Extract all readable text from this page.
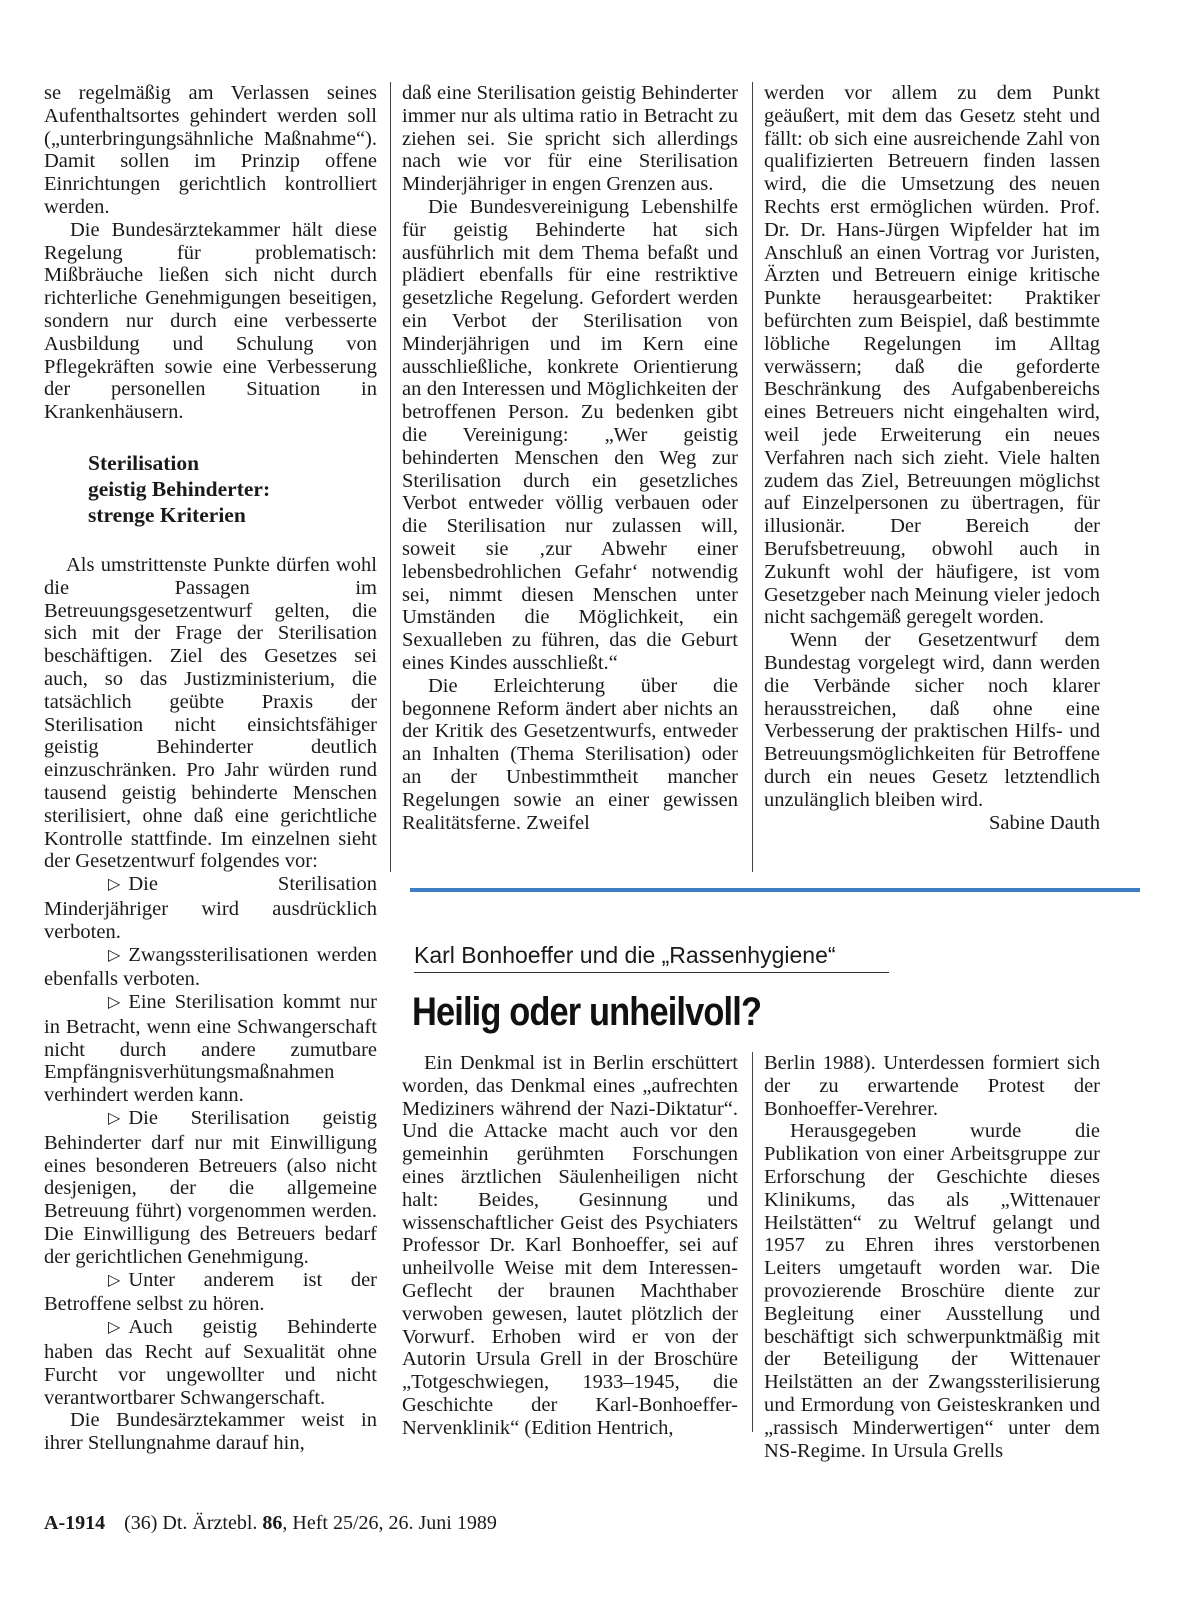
se regelmäßig am Verlassen seines Aufenthaltsortes gehindert werden soll („unterbringungsähnliche Maßnahme“). Damit sollen im Prinzip offene Einrichtungen gerichtlich kontrolliert werden.

Die Bundesärztekammer hält diese Regelung für problematisch: Mißbräuche ließen sich nicht durch richterliche Genehmigungen beseitigen, sondern nur durch eine verbesserte Ausbildung und Schulung von Pflegekräften sowie eine Verbesserung der personellen Situation in Krankenhäusern.

Sterilisation
geistig Behinderter:
strenge Kriterien

Als umstrittenste Punkte dürfen wohl die Passagen im Betreuungsgesetzentwurf gelten, die sich mit der Frage der Sterilisation beschäftigen. Ziel des Gesetzes sei auch, so das Justizministerium, die tatsächlich geübte Praxis der Sterilisation nicht einsichtsfähiger geistig Behinderter deutlich einzuschränken. Pro Jahr würden rund tausend geistig behinderte Menschen sterilisiert, ohne daß eine gerichtliche Kontrolle stattfinde. Im einzelnen sieht der Gesetzentwurf folgendes vor:

▷ Die Sterilisation Minderjähriger wird ausdrücklich verboten.

▷ Zwangssterilisationen werden ebenfalls verboten.

▷ Eine Sterilisation kommt nur in Betracht, wenn eine Schwangerschaft nicht durch andere zumutbare Empfängnisverhütungsmaßnahmen verhindert werden kann.

▷ Die Sterilisation geistig Behinderter darf nur mit Einwilligung eines besonderen Betreuers (also nicht desjenigen, der die allgemeine Betreuung führt) vorgenommen werden. Die Einwilligung des Betreuers bedarf der gerichtlichen Genehmigung.

▷ Unter anderem ist der Betroffene selbst zu hören.

▷ Auch geistig Behinderte haben das Recht auf Sexualität ohne Furcht vor ungewollter und nicht verantwortbarer Schwangerschaft.

Die Bundesärztekammer weist in ihrer Stellungnahme darauf hin,

daß eine Sterilisation geistig Behinderter immer nur als ultima ratio in Betracht zu ziehen sei. Sie spricht sich allerdings nach wie vor für eine Sterilisation Minderjähriger in engen Grenzen aus.

Die Bundesvereinigung Lebenshilfe für geistig Behinderte hat sich ausführlich mit dem Thema befaßt und plädiert ebenfalls für eine restriktive gesetzliche Regelung. Gefordert werden ein Verbot der Sterilisation von Minderjährigen und im Kern eine ausschließliche, konkrete Orientierung an den Interessen und Möglichkeiten der betroffenen Person. Zu bedenken gibt die Vereinigung: „Wer geistig behinderten Menschen den Weg zur Sterilisation durch ein gesetzliches Verbot entweder völlig verbauen oder die Sterilisation nur zulassen will, soweit sie ‚zur Abwehr einer lebensbedrohlichen Gefahr‘ notwendig sei, nimmt diesen Menschen unter Umständen die Möglichkeit, ein Sexualleben zu führen, das die Geburt eines Kindes ausschließt.“

Die Erleichterung über die begonnene Reform ändert aber nichts an der Kritik des Gesetzentwurfs, entweder an Inhalten (Thema Sterilisation) oder an der Unbestimmtheit mancher Regelungen sowie an einer gewissen Realitätsferne. Zweifel

werden vor allem zu dem Punkt geäußert, mit dem das Gesetz steht und fällt: ob sich eine ausreichende Zahl von qualifizierten Betreuern finden lassen wird, die die Umsetzung des neuen Rechts erst ermöglichen würden. Prof. Dr. Dr. Hans-Jürgen Wipfelder hat im Anschluß an einen Vortrag vor Juristen, Ärzten und Betreuern einige kritische Punkte herausgearbeitet: Praktiker befürchten zum Beispiel, daß bestimmte löbliche Regelungen im Alltag verwässern; daß die geforderte Beschränkung des Aufgabenbereichs eines Betreuers nicht eingehalten wird, weil jede Erweiterung ein neues Verfahren nach sich zieht. Viele halten zudem das Ziel, Betreuungen möglichst auf Einzelpersonen zu übertragen, für illusionär. Der Bereich der Berufsbetreuung, obwohl auch in Zukunft wohl der häufigere, ist vom Gesetzgeber nach Meinung vieler jedoch nicht sachgemäß geregelt worden.

Wenn der Gesetzentwurf dem Bundestag vorgelegt wird, dann werden die Verbände sicher noch klarer herausstreichen, daß ohne eine Verbesserung der praktischen Hilfs- und Betreuungsmöglichkeiten für Betroffene durch ein neues Gesetz letztendlich unzulänglich bleiben wird.

Sabine Dauth

Karl Bonhoeffer und die „Rassenhygiene“
Heilig oder unheilvoll?

Ein Denkmal ist in Berlin erschüttert worden, das Denkmal eines „aufrechten Mediziners während der Nazi-Diktatur“. Und die Attacke macht auch vor den gemeinhin gerühmten Forschungen eines ärztlichen Säulenheiligen nicht halt: Beides, Gesinnung und wissenschaftlicher Geist des Psychiaters Professor Dr. Karl Bonhoeffer, sei auf unheilvolle Weise mit dem Interessen-Geflecht der braunen Machthaber verwoben gewesen, lautet plötzlich der Vorwurf. Erhoben wird er von der Autorin Ursula Grell in der Broschüre „Totgeschwiegen, 1933–1945, die Geschichte der Karl-Bonhoeffer-Nervenklinik“ (Edition Hentrich,

Berlin 1988). Unterdessen formiert sich der zu erwartende Protest der Bonhoeffer-Verehrer.

Herausgegeben wurde die Publikation von einer Arbeitsgruppe zur Erforschung der Geschichte dieses Klinikums, das als „Wittenauer Heilstätten“ zu Weltruf gelangt und 1957 zu Ehren ihres verstorbenen Leiters umgetauft worden war. Die provozierende Broschüre diente zur Begleitung einer Ausstellung und beschäftigt sich schwerpunktmäßig mit der Beteiligung der Wittenauer Heilstätten an der Zwangssterilisierung und Ermordung von Geisteskranken und „rassisch Minderwertigen“ unter dem NS-Regime. In Ursula Grells

A-1914 (36) Dt. Ärztebl. 86, Heft 25/26, 26. Juni 1989
